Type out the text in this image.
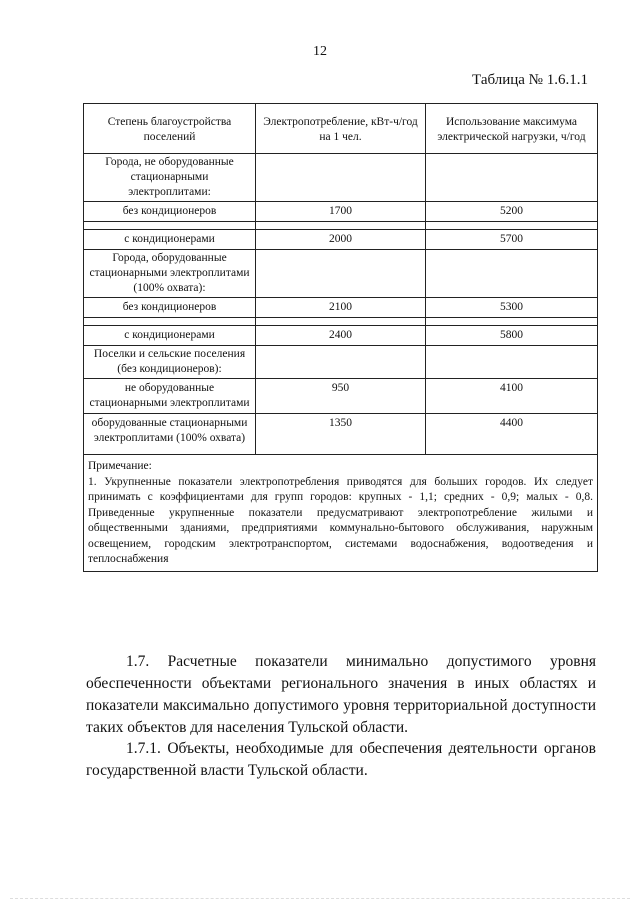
12
Таблица № 1.6.1.1
Степень благоустройства поселений	Электропотребление, кВт-ч/год на 1 чел.	Использование максимума электрической нагрузки, ч/год
Города, не оборудованные стационарными электроплитами:		
без кондиционеров	1700	5200

с кондиционерами	2000	5700
Города, оборудованные стационарными электроплитами (100% охвата):		
без кондиционеров	2100	5300

с кондиционерами	2400	5800
Поселки и сельские поселения (без кондиционеров):		
не оборудованные стационарными электроплитами	950	4100
оборудованные стационарными электроплитами (100% охвата)	1350	4400

Примечание:
1. Укрупненные показатели электропотребления приводятся для больших городов. Их следует принимать с коэффициентами для групп городов: крупных - 1,1; средних - 0,9; малых - 0,8. Приведенные укрупненные показатели предусматривают электропотребление жилыми и общественными зданиями, предприятиями коммунально-бытового обслуживания, наружным освещением, городским электротранспортом, системами водоснабжения, водоотведения и теплоснабжения		
1.7. Расчетные показатели минимально допустимого уровня обеспеченности объектами регионального значения в иных областях и показатели максимально допустимого уровня территориальной доступности таких объектов для населения Тульской области.
1.7.1. Объекты, необходимые для обеспечения деятельности органов государственной власти Тульской области.
